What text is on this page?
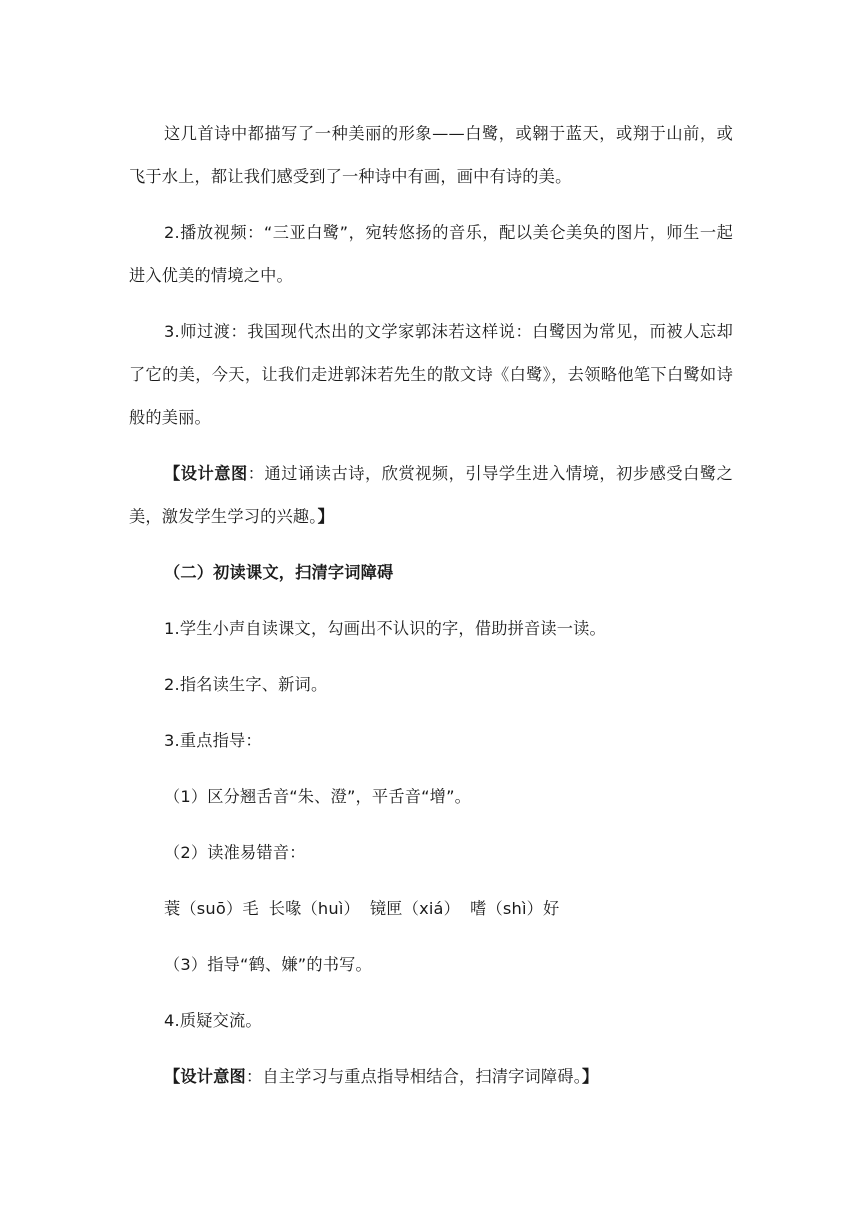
这几首诗中都描写了一种美丽的形象——白鹭，或翱于蓝天，或翔于山前，或飞于水上，都让我们感受到了一种诗中有画，画中有诗的美。

2.播放视频：“三亚白鹭”，宛转悠扬的音乐，配以美仑美奂的图片，师生一起进入优美的情境之中。

3.师过渡：我国现代杰出的文学家郭沫若这样说：白鹭因为常见，而被人忘却了它的美，今天，让我们走进郭沫若先生的散文诗《白鹭》，去领略他笔下白鹭如诗般的美丽。

【设计意图：通过诵读古诗，欣赏视频，引导学生进入情境，初步感受白鹭之美，激发学生学习的兴趣。】

（二）初读课文，扫清字词障碍

1.学生小声自读课文，勾画出不认识的字，借助拼音读一读。

2.指名读生字、新词。

3.重点指导：

（1）区分翘舌音“朱、澄”，平舌音“增”。

（2）读准易错音：

蓑（suō）毛 长喙（huì） 镜匣（xiá） 嗜（shì）好

（3）指导“鹤、嫌”的书写。

4.质疑交流。

【设计意图：自主学习与重点指导相结合，扫清字词障碍。】
